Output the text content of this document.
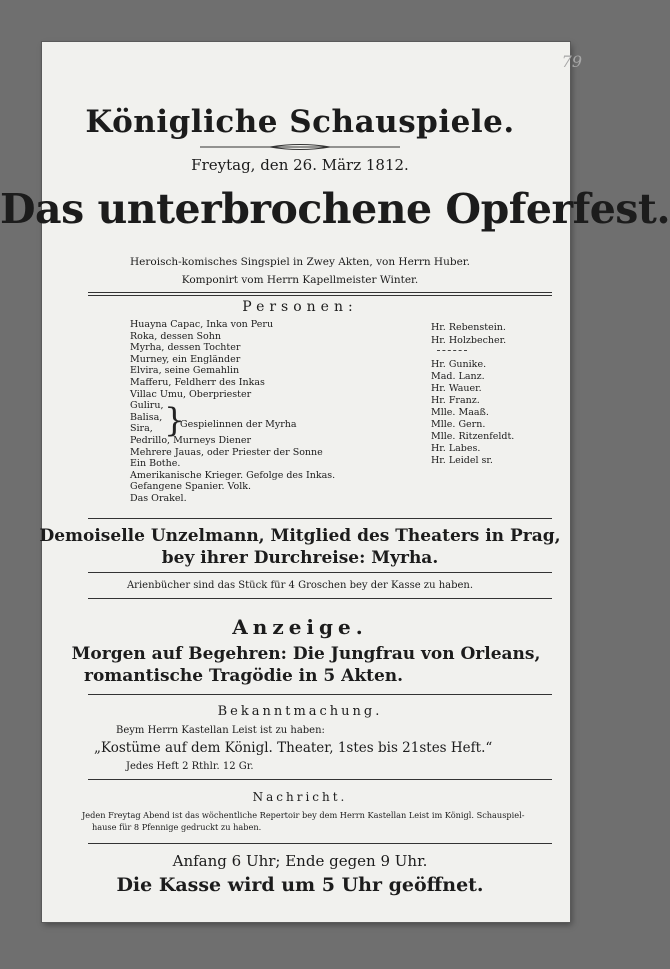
79
Königliche Schauspiele.
Freytag, den 26. März 1812.
Das unterbrochene Opferfest.
Heroisch-komisches Singspiel in Zwey Akten, von Herrn Huber.
Komponirt vom Herrn Kapellmeister Winter.
Personen:
Huayna Capac, Inka von Peru
Roka, dessen Sohn
Myrha, dessen Tochter
Murney, ein Engländer
Elvira, seine Gemahlin
Mafferu, Feldherr des Inkas
Villac Umu, Oberpriester
Guliru,
Balisa,
Sira,
Pedrillo, Murneys Diener
Mehrere Jauas, oder Priester der Sonne
Ein Bothe.
Amerikanische Krieger. Gefolge des Inkas.
Gefangene Spanier. Volk.
Das Orakel.
}
Gespielinnen der Myrha
Hr. Rebenstein.
Hr. Holzbecher.
Hr. Gunike.
Mad. Lanz.
Hr. Wauer.
Hr. Franz.
Mlle. Maaß.
Mlle. Gern.
Mlle. Ritzenfeldt.
Hr. Labes.
Hr. Leidel sr.
Demoiselle Unzelmann, Mitglied des Theaters in Prag,
bey ihrer Durchreise: Myrha.
Arienbücher sind das Stück für 4 Groschen bey der Kasse zu haben.
Anzeige.
Morgen auf Begehren: Die Jungfrau von Orleans,
romantische Tragödie in 5 Akten.
Bekanntmachung.
Beym Herrn Kastellan Leist ist zu haben:
„Kostüme auf dem Königl. Theater, 1stes bis 21stes Heft.“
Jedes Heft 2 Rthlr. 12 Gr.
Nachricht.
Jeden Freytag Abend ist das wöchentliche Repertoir bey dem Herrn Kastellan Leist im Königl. Schauspiel-
hause für 8 Pfennige gedruckt zu haben.
Anfang 6 Uhr; Ende gegen 9 Uhr.
Die Kasse wird um 5 Uhr geöffnet.
